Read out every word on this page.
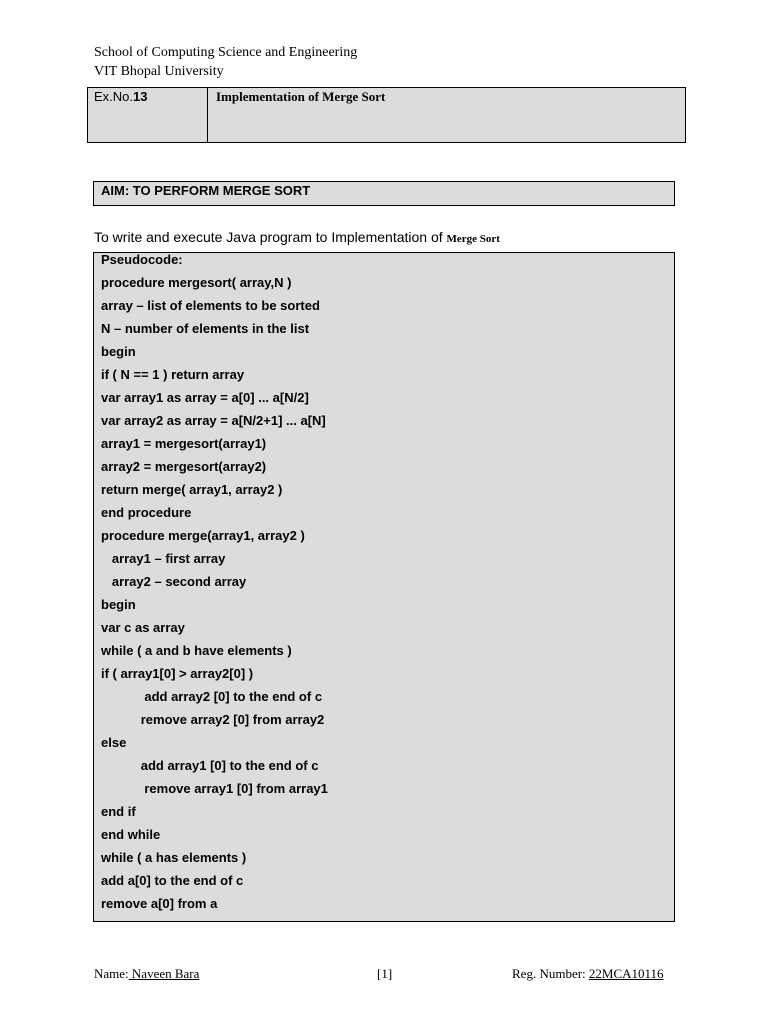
School of Computing Science and Engineering
VIT Bhopal University
Ex.No.13	Implementation of Merge Sort
AIM: TO PERFORM MERGE SORT
To write and execute Java program to Implementation of Merge Sort
Pseudocode:
procedure mergesort( array,N )
array – list of elements to be sorted
N – number of elements in the list
begin
if ( N == 1 ) return array
var array1 as array = a[0] ... a[N/2]
var array2 as array = a[N/2+1] ... a[N]
array1 = mergesort(array1)
array2 = mergesort(array2)
return merge( array1, array2 )
end procedure
procedure merge(array1, array2 )
array1 – first array
array2 – second array
begin
var c as array
while ( a and b have elements )
if ( array1[0] > array2[0] )
add array2 [0] to the end of c
remove array2 [0] from array2
else
add array1 [0] to the end of c
remove array1 [0] from array1
end if
end while
while ( a has elements )
add a[0] to the end of c
remove a[0] from a
Name: Naveen Bara	[1]	Reg. Number: 22MCA10116
